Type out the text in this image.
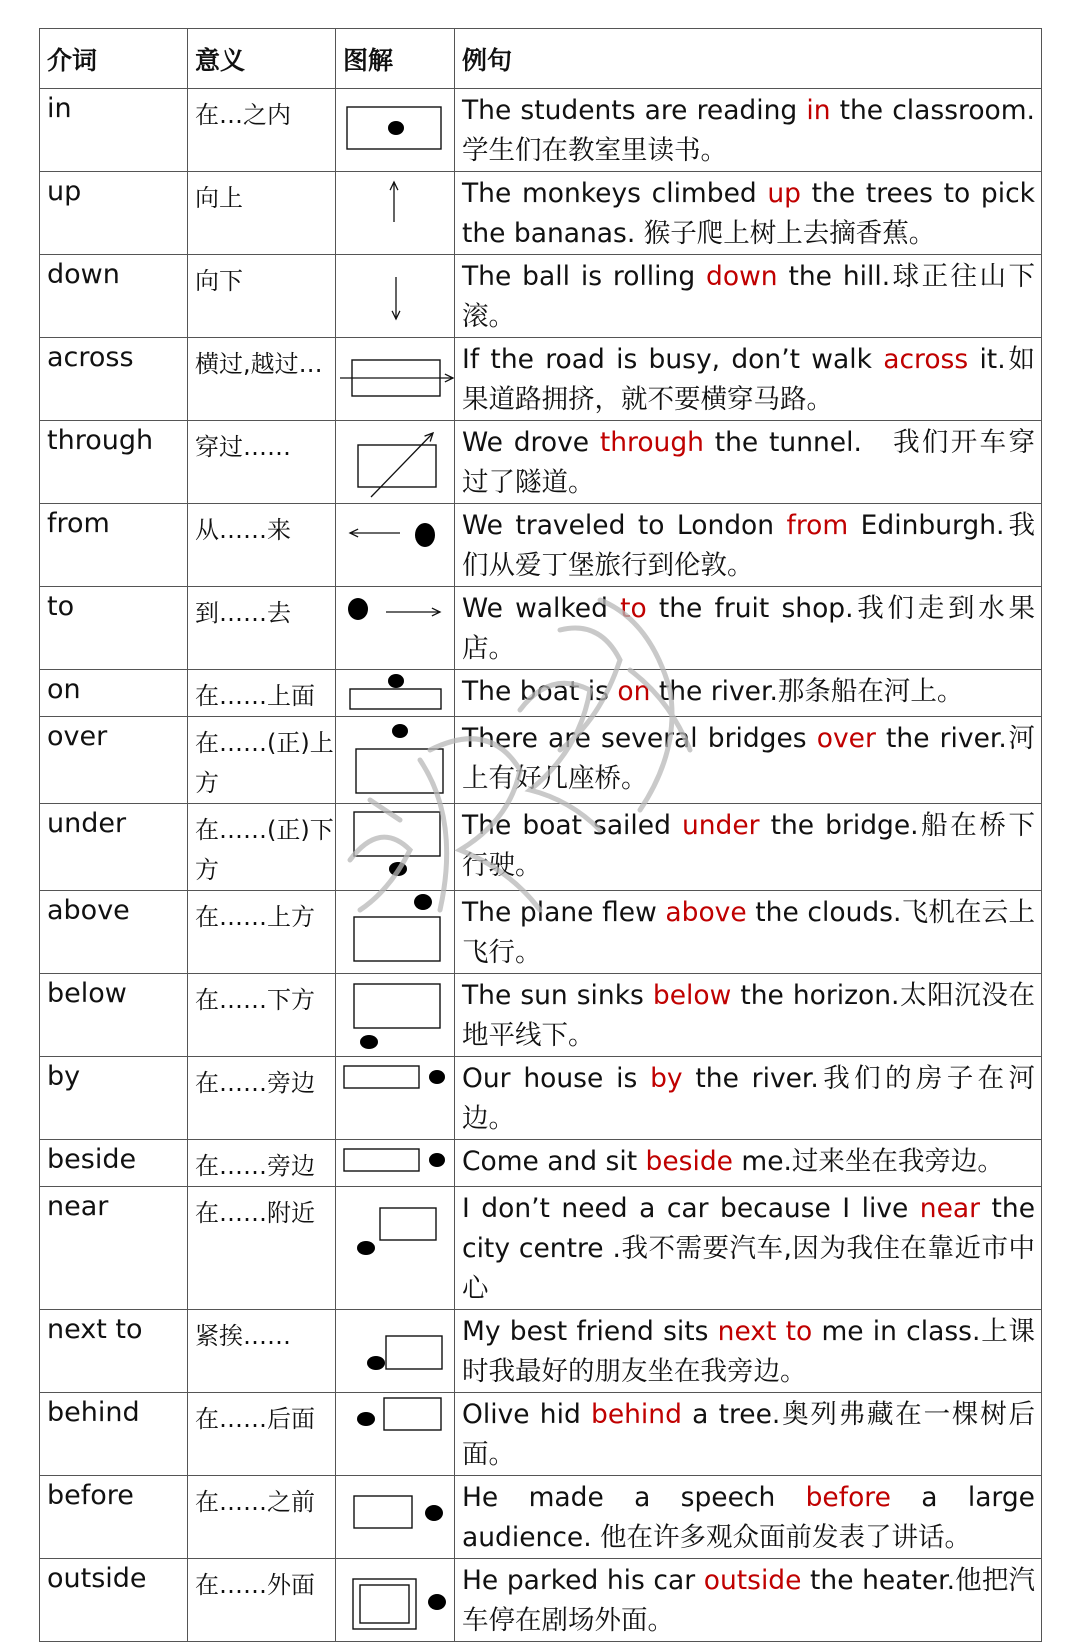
介词	意义	图解	例句
in	在…之内		The students are reading in the classroom. 学生们在教室里读书。
up	向上		The monkeys climbed up the trees to pick the bananas. 猴子爬上树上去摘香蕉。
down	向下		The ball is rolling down the hill.球正往山下滚。
across	横过,越过…		If the road is busy, don’t walk across it.如果道路拥挤，就不要横穿马路。
through	穿过……		We drove through the tunnel.　我们开车穿过了隧道。
from	从……来		We traveled to London from Edinburgh.我们从爱丁堡旅行到伦敦。
to	到……去		We walked to the fruit shop.我们走到水果店。
on	在……上面		The boat is on the river.那条船在河上。
over	在……(正)上方		There are several bridges over the river.河上有好几座桥。
under	在……(正)下方		The boat sailed under the bridge.船在桥下行驶。
above	在……上方		The plane flew above the clouds.飞机在云上飞行。
below	在……下方		The sun sinks below the horizon.太阳沉没在地平线下。
by	在……旁边		Our house is by the river.我们的房子在河边。
beside	在……旁边		Come and sit beside me.过来坐在我旁边。
near	在……附近		I don’t need a car because I live near the city centre .我不需要汽车,因为我住在靠近市中心
next to	紧挨……		My best friend sits next to me in class.上课时我最好的朋友坐在我旁边。
behind	在……后面		Olive hid behind a tree.奥列弗藏在一棵树后面。
before	在……之前		He made a speech before a large audience. 他在许多观众面前发表了讲话。
outside	在……外面		He parked his car outside the heater.他把汽车停在剧场外面。
